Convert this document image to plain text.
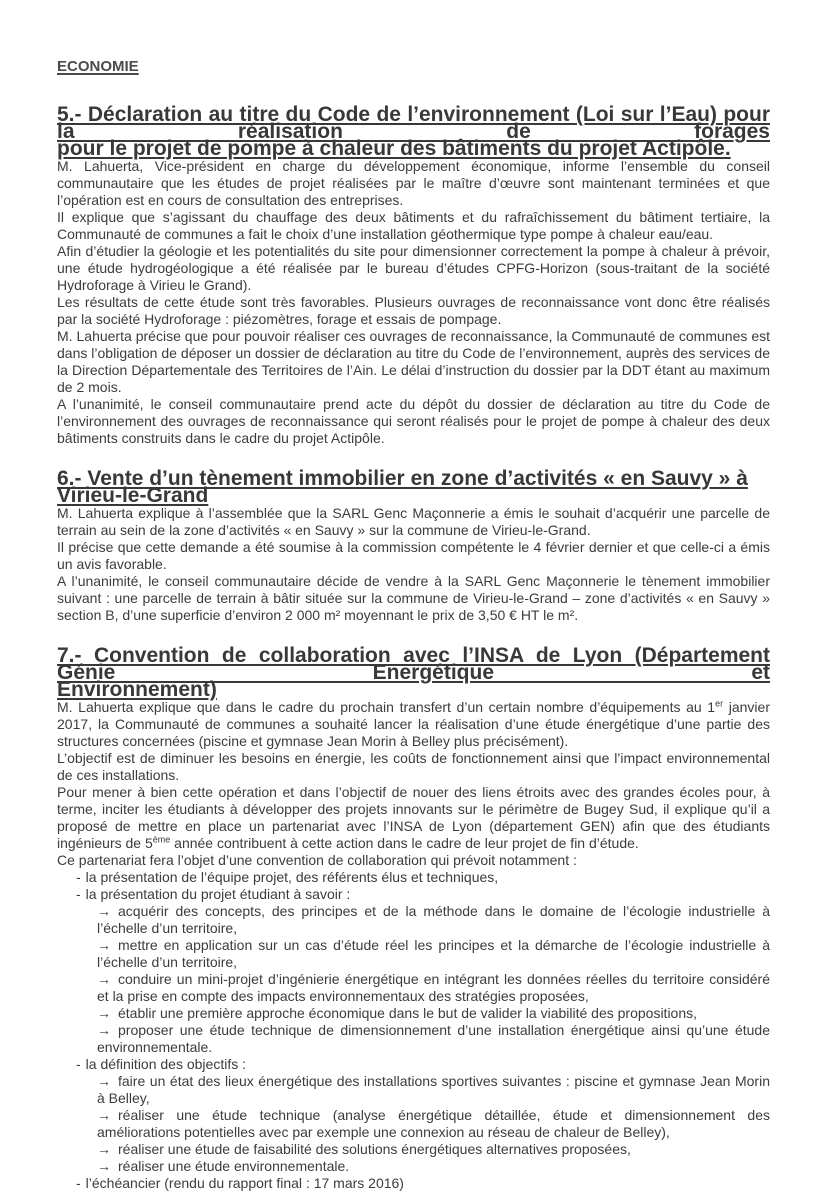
ECONOMIE
5.- Déclaration au titre du Code de l’environnement (Loi sur l’Eau) pour la réalisation de forages
pour le projet de pompe à chaleur des bâtiments du projet Actipôle.

M. Lahuerta, Vice-président en charge du développement économique, informe l’ensemble du conseil communautaire que les études de projet réalisées par le maître d’œuvre sont maintenant terminées et que l’opération est en cours de consultation des entreprises.

Il explique que s’agissant du chauffage des deux bâtiments et du rafraîchissement du bâtiment tertiaire, la Communauté de communes a fait le choix d’une installation géothermique type pompe à chaleur eau/eau.

Afin d’étudier la géologie et les potentialités du site pour dimensionner correctement la pompe à chaleur à prévoir, une étude hydrogéologique a été réalisée par le bureau d’études CPFG-Horizon (sous-traitant de la société Hydroforage à Virieu le Grand).

Les résultats de cette étude sont très favorables. Plusieurs ouvrages de reconnaissance vont donc être réalisés par la société Hydroforage : piézomètres, forage et essais de pompage.

M. Lahuerta précise que pour pouvoir réaliser ces ouvrages de reconnaissance, la Communauté de communes est dans l’obligation de déposer un dossier de déclaration au titre du Code de l’environnement, auprès des services de la Direction Départementale des Territoires de l’Ain. Le délai d’instruction du dossier par la DDT étant au maximum de 2 mois.

A l’unanimité, le conseil communautaire prend acte du dépôt du dossier de déclaration au titre du Code de l’environnement des ouvrages de reconnaissance qui seront réalisés pour le projet de pompe à chaleur des deux bâtiments construits dans le cadre du projet Actipôle.

6.- Vente d’un tènement immobilier en zone d’activités « en Sauvy » à Virieu-le-Grand

M. Lahuerta explique à l’assemblée que la SARL Genc Maçonnerie a émis le souhait d’acquérir une parcelle de terrain au sein de la zone d’activités « en Sauvy » sur la commune de Virieu-le-Grand.

Il précise que cette demande a été soumise à la commission compétente le 4 février dernier et que celle-ci a émis un avis favorable.

A l’unanimité, le conseil communautaire décide de vendre à la SARL Genc Maçonnerie le tènement immobilier suivant : une parcelle de terrain à bâtir située sur la commune de Virieu-le-Grand – zone d’activités « en Sauvy » section B, d’une superficie d’environ 2 000 m² moyennant le prix de 3,50 € HT le m².

7.- Convention de collaboration avec l’INSA de Lyon (Département Génie Energétique et
Environnement)

M. Lahuerta explique que dans le cadre du prochain transfert d’un certain nombre d’équipements au 1er janvier 2017, la Communauté de communes a souhaité lancer la réalisation d’une étude énergétique d’une partie des structures concernées (piscine et gymnase Jean Morin à Belley plus précisément).

L’objectif est de diminuer les besoins en énergie, les coûts de fonctionnement ainsi que l’impact environnemental de ces installations.

Pour mener à bien cette opération et dans l’objectif de nouer des liens étroits avec des grandes écoles pour, à terme, inciter les étudiants à développer des projets innovants sur le périmètre de Bugey Sud, il explique qu’il a proposé de mettre en place un partenariat avec l’INSA de Lyon (département GEN) afin que des étudiants ingénieurs de 5ème année contribuent à cette action dans le cadre de leur projet de fin d’étude.

Ce partenariat fera l’objet d’une convention de collaboration qui prévoit notamment :

- la présentation de l’équipe projet, des référents élus et techniques,
- la présentation du projet étudiant à savoir :
→ acquérir des concepts, des principes et de la méthode dans le domaine de l’écologie industrielle à l’échelle d’un territoire,
→ mettre en application sur un cas d’étude réel les principes et la démarche de l’écologie industrielle à l’échelle d’un territoire,
→ conduire un mini-projet d’ingénierie énergétique en intégrant les données réelles du territoire considéré et la prise en compte des impacts environnementaux des stratégies proposées,
→ établir une première approche économique dans le but de valider la viabilité des propositions,
→ proposer une étude technique de dimensionnement d’une installation énergétique ainsi qu’une étude environnementale.
- la définition des objectifs :
→ faire un état des lieux énergétique des installations sportives suivantes : piscine et gymnase Jean Morin à Belley,
→ réaliser une étude technique (analyse énergétique détaillée, étude et dimensionnement des améliorations potentielles avec par exemple une connexion au réseau de chaleur de Belley),
→ réaliser une étude de faisabilité des solutions énergétiques alternatives proposées,
→ réaliser une étude environnementale.
- l’échéancier (rendu du rapport final : 17 mars 2016)
